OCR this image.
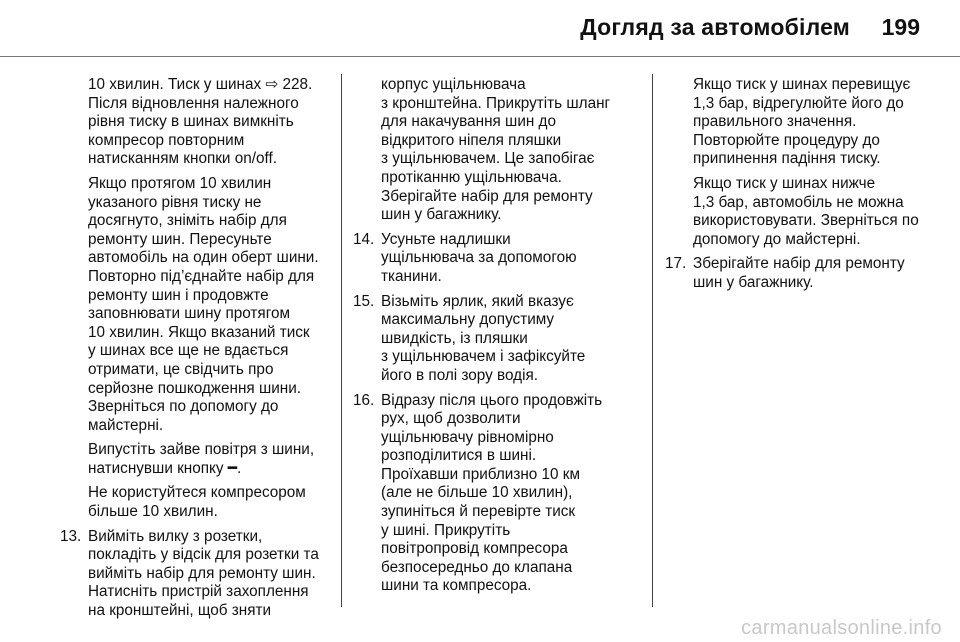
Догляд за автомобілем 199

10 хвилин. Тиск у шинах ⇨ 228.
Після відновлення належного
рівня тиску в шинах вимкніть
компресор повторним
натисканням кнопки on/off.

Якщо протягом 10 хвилин
указаного рівня тиску не
досягнуто, зніміть набір для
ремонту шин. Пересуньте
автомобіль на один оберт шини.
Повторно під’єднайте набір для
ремонту шин і продовжте
заповнювати шину протягом
10 хвилин. Якщо вказаний тиск
у шинах все ще не вдається
отримати, це свідчить про
серйозне пошкодження шини.
Зверніться по допомогу до
майстерні.

Випустіть зайве повітря з шини,
натиснувши кнопку ━.

Не користуйтеся компресором
більше 10 хвилин.

13. Вийміть вилку з розетки,
покладіть у відсік для розетки та
вийміть набір для ремонту шин.
Натисніть пристрій захоплення
на кронштейні, щоб зняти

корпус ущільнювача
з кронштейна. Прикрутіть шланг
для накачування шин до
відкритого ніпеля пляшки
з ущільнювачем. Це запобігає
протіканню ущільнювача.
Зберігайте набір для ремонту
шин у багажнику.

14. Усуньте надлишки
ущільнювача за допомогою
тканини.
15. Візьміть ярлик, який вказує
максимальну допустиму
швидкість, із пляшки
з ущільнювачем і зафіксуйте
його в полі зору водія.
16. Відразу після цього продовжіть
рух, щоб дозволити
ущільнювачу рівномірно
розподілитися в шині.
Проїхавши приблизно 10 км
(але не більше 10 хвилин),
зупиніться й перевірте тиск
у шині. Прикрутіть
повітропровід компресора
безпосередньо до клапана
шини та компресора.

Якщо тиск у шинах перевищує
1,3 бар, відрегулюйте його до
правильного значення.
Повторюйте процедуру до
припинення падіння тиску.

Якщо тиск у шинах нижче
1,3 бар, автомобіль не можна
використовувати. Зверніться по
допомогу до майстерні.

17. Зберігайте набір для ремонту
шин у багажнику.
carmanualsonline.info
